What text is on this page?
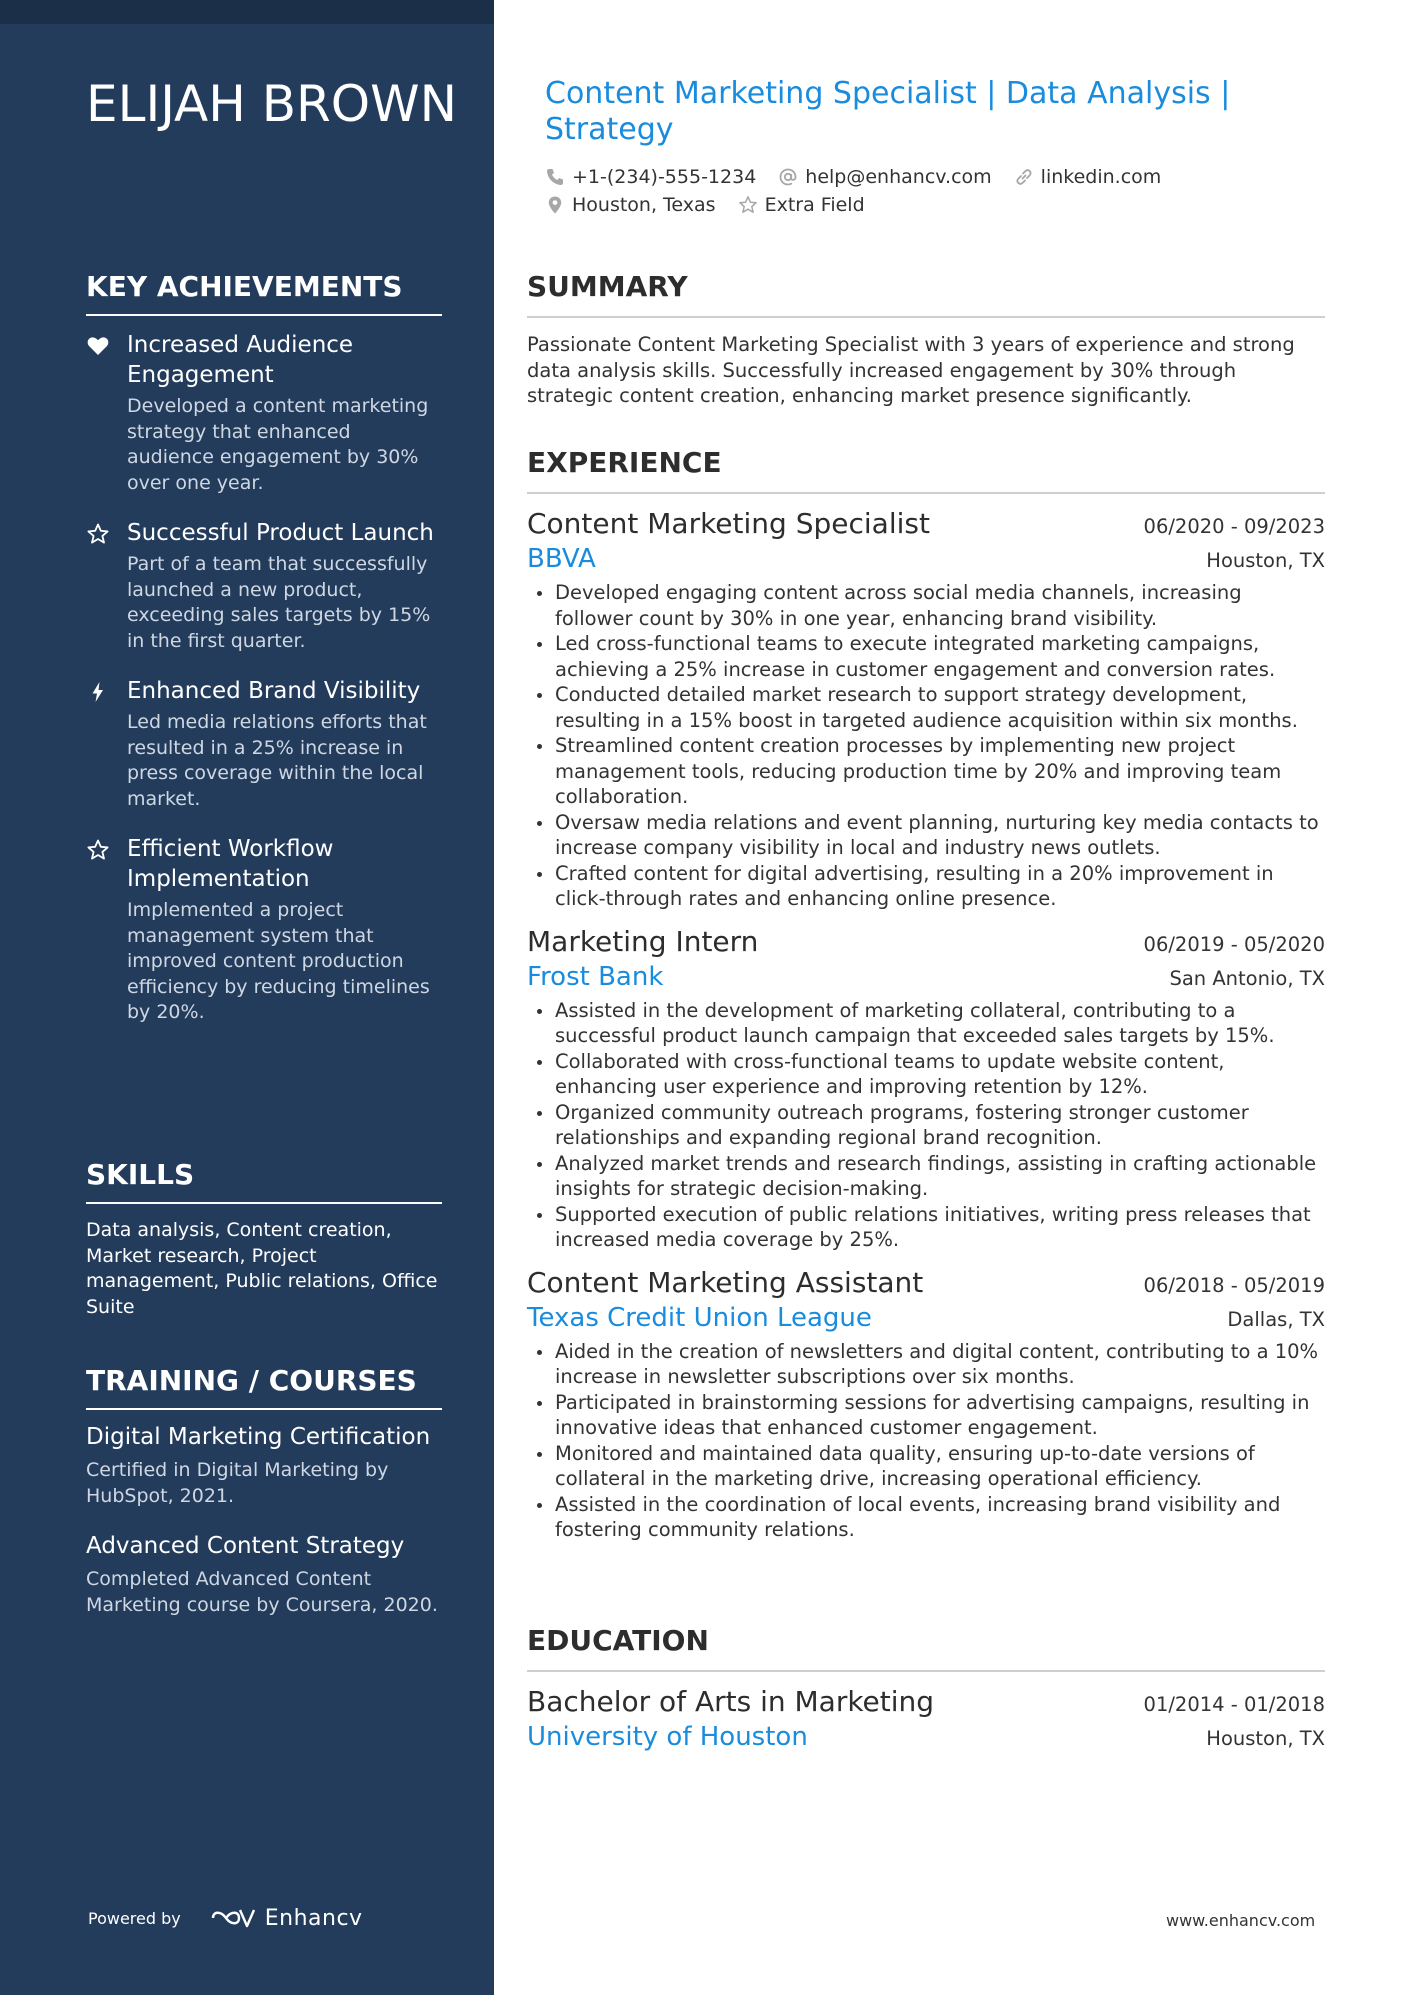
ELIJAH BROWN
KEY ACHIEVEMENTS
Increased Audience Engagement
Developed a content marketing strategy that enhanced audience engagement by 30% over one year.
Successful Product Launch
Part of a team that successfully launched a new product, exceeding sales targets by 15% in the first quarter.
Enhanced Brand Visibility
Led media relations efforts that resulted in a 25% increase in press coverage within the local market.
Efficient Workflow Implementation
Implemented a project management system that improved content production efficiency by reducing timelines by 20%.
SKILLS
Data analysis, Content creation, Market research, Project management, Public relations, Office Suite
TRAINING / COURSES
Digital Marketing Certification
Certified in Digital Marketing by HubSpot, 2021.
Advanced Content Strategy
Completed Advanced Content Marketing course by Coursera, 2020.
Powered by	Enhancv
Content Marketing Specialist | Data Analysis | Strategy
+1-(234)-555-1234	help@enhancv.com	linkedin.com
Houston, Texas	Extra Field
SUMMARY
Passionate Content Marketing Specialist with 3 years of experience and strong data analysis skills. Successfully increased engagement by 30% through strategic content creation, enhancing market presence significantly.
EXPERIENCE
Content Marketing Specialist	06/2020 - 09/2023
BBVA	Houston, TX
Developed engaging content across social media channels, increasing follower count by 30% in one year, enhancing brand visibility.
Led cross-functional teams to execute integrated marketing campaigns, achieving a 25% increase in customer engagement and conversion rates.
Conducted detailed market research to support strategy development, resulting in a 15% boost in targeted audience acquisition within six months.
Streamlined content creation processes by implementing new project management tools, reducing production time by 20% and improving team collaboration.
Oversaw media relations and event planning, nurturing key media contacts to increase company visibility in local and industry news outlets.
Crafted content for digital advertising, resulting in a 20% improvement in click-through rates and enhancing online presence.
Marketing Intern	06/2019 - 05/2020
Frost Bank	San Antonio, TX
Assisted in the development of marketing collateral, contributing to a successful product launch campaign that exceeded sales targets by 15%.
Collaborated with cross-functional teams to update website content, enhancing user experience and improving retention by 12%.
Organized community outreach programs, fostering stronger customer relationships and expanding regional brand recognition.
Analyzed market trends and research findings, assisting in crafting actionable insights for strategic decision-making.
Supported execution of public relations initiatives, writing press releases that increased media coverage by 25%.
Content Marketing Assistant	06/2018 - 05/2019
Texas Credit Union League	Dallas, TX
Aided in the creation of newsletters and digital content, contributing to a 10% increase in newsletter subscriptions over six months.
Participated in brainstorming sessions for advertising campaigns, resulting in innovative ideas that enhanced customer engagement.
Monitored and maintained data quality, ensuring up-to-date versions of collateral in the marketing drive, increasing operational efficiency.
Assisted in the coordination of local events, increasing brand visibility and fostering community relations.
EDUCATION
Bachelor of Arts in Marketing	01/2014 - 01/2018
University of Houston	Houston, TX
www.enhancv.com
